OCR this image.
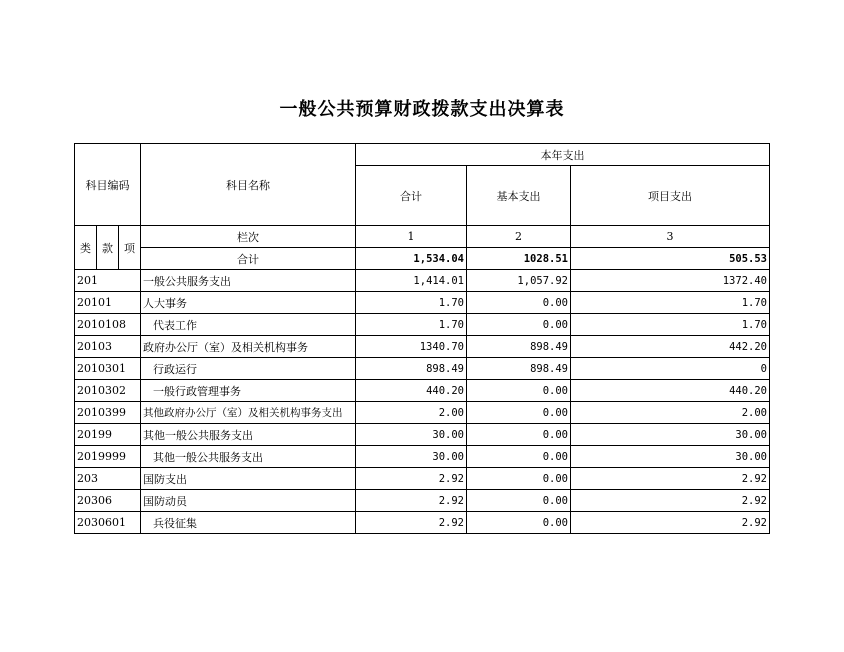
一般公共预算财政拨款支出决算表
科目编码			科目名称	本年支出		
				合计	基本支出	项目支出

类	款	项	栏次	1	2	3
			合计	1,534.04	1028.51	505.53
201			一般公共服务支出	1,414.01	1,057.92	1372.40
20101			人大事务	1.70	0.00	1.70
2010108			代表工作	1.70	0.00	1.70
20103			政府办公厅（室）及相关机构事务	1340.70	898.49	442.20
2010301			行政运行	898.49	898.49	0
2010302			一般行政管理事务	440.20	0.00	440.20
2010399			其他政府办公厅（室）及相关机构事务支出	2.00	0.00	2.00
20199			其他一般公共服务支出	30.00	0.00	30.00
2019999			其他一般公共服务支出	30.00	0.00	30.00
203			国防支出	2.92	0.00	2.92
20306			国防动员	2.92	0.00	2.92
2030601			兵役征集	2.92	0.00	2.92
